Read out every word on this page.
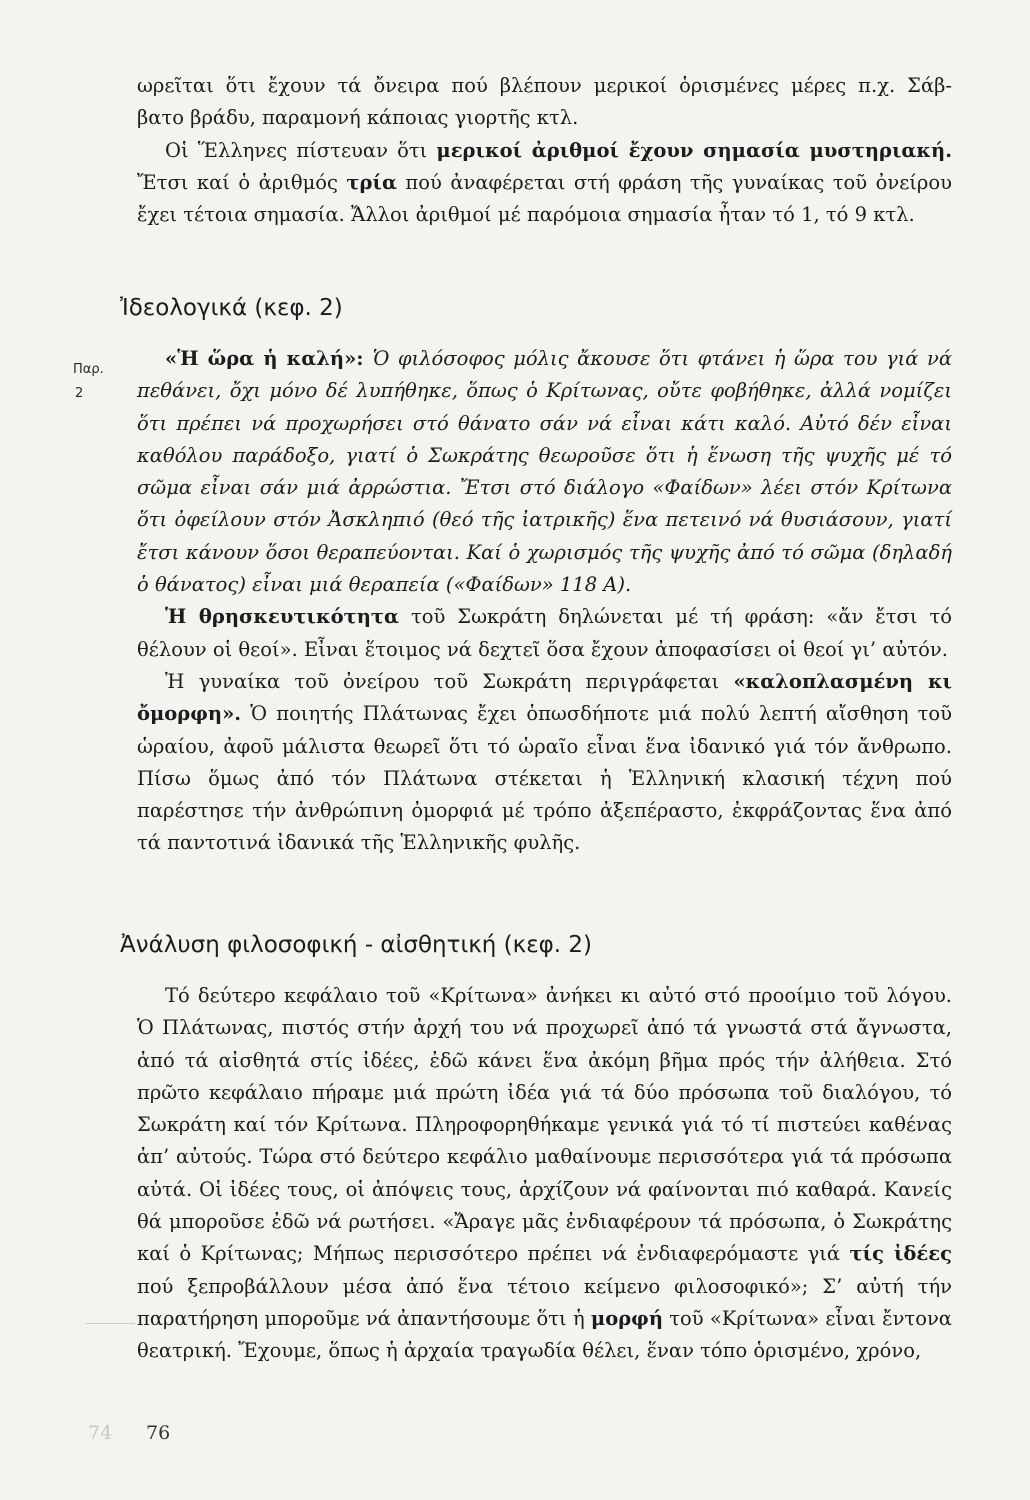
ωρεῖται ὅτι ἔχουν τά ὄνειρα πού βλέπουν μερικοί ὁρισμένες μέρες π.χ. Σάβ-

βατο βράδυ, παραμονή κάποιας γιορτῆς κτλ.

Οἱ Ἕλληνες πίστευαν ὅτι μερικοί ἀριθμοί ἔχουν σημασία μυστηριακή. Ἔτσι καί ὁ ἀριθμός τρία πού ἀναφέρεται στή φράση τῆς γυναίκας τοῦ ὀνείρου ἔχει τέτοια σημασία. Ἄλλοι ἀριθμοί μέ παρόμοια σημασία ἦταν τό 1, τό 9 κτλ.

Ἰδεολογικά (κεφ. 2)
Παρ.
2

«Ἡ ὥρα ἡ καλή»: Ὁ φιλόσοφος μόλις ἄκουσε ὅτι φτάνει ἡ ὥρα του γιά νά πεθάνει, ὄχι μόνο δέ λυπήθηκε, ὅπως ὁ Κρίτωνας, οὔτε φοβήθηκε, ἀλλά νομίζει ὅτι πρέπει νά προχωρήσει στό θάνατο σάν νά εἶναι κάτι καλό. Αὐτό δέν εἶναι καθόλου παράδοξο, γιατί ὁ Σωκράτης θεωροῦσε ὅτι ἡ ἕνωση τῆς ψυχῆς μέ τό σῶμα εἶναι σάν μιά ἀρρώστια. Ἔτσι στό διάλογο «Φαίδων» λέει στόν Κρίτωνα ὅτι ὀφείλουν στόν Ἀσκληπιό (θεό τῆς ἰατρικῆς) ἕνα πετεινό νά θυσιάσουν, γιατί ἔτσι κάνουν ὅσοι θεραπεύονται. Καί ὁ χωρισμός τῆς ψυχῆς ἀπό τό σῶμα (δηλαδή ὁ θάνατος) εἶναι μιά θεραπεία («Φαίδων» 118 Α).

Ἡ θρησκευτικότητα τοῦ Σωκράτη δηλώνεται μέ τή φράση: «ἄν ἔτσι τό θέλουν οἱ θεοί». Εἶναι ἕτοιμος νά δεχτεῖ ὅσα ἔχουν ἀποφασίσει οἱ θεοί γι’ αὐτόν.

Ἡ γυναίκα τοῦ ὀνείρου τοῦ Σωκράτη περιγράφεται «καλοπλασμένη κι ὄμορφη». Ὁ ποιητής Πλάτωνας ἔχει ὁπωσδήποτε μιά πολύ λεπτή αἴσθηση τοῦ ὡραίου, ἀφοῦ μάλιστα θεωρεῖ ὅτι τό ὡραῖο εἶναι ἕνα ἰδανικό γιά τόν ἄνθρωπο. Πίσω ὅμως ἀπό τόν Πλάτωνα στέκεται ἡ Ἑλληνική κλασική τέχνη πού παρέστησε τήν ἀνθρώπινη ὀμορφιά μέ τρόπο ἀξεπέραστο, ἐκφράζοντας ἕνα ἀπό τά παντοτινά ἰδανικά τῆς Ἑλληνικῆς φυλῆς.

Ἀνάλυση φιλοσοφική - αἰσθητική (κεφ. 2)

Τό δεύτερο κεφάλαιο τοῦ «Κρίτωνα» ἀνήκει κι αὐτό στό προοίμιο τοῦ λόγου. Ὁ Πλάτωνας, πιστός στήν ἀρχή του νά προχωρεῖ ἀπό τά γνωστά στά ἄγνωστα, ἀπό τά αἰσθητά στίς ἰδέες, ἐδῶ κάνει ἕνα ἀκόμη βῆμα πρός τήν ἀλήθεια. Στό πρῶτο κεφάλαιο πήραμε μιά πρώτη ἰδέα γιά τά δύο πρόσωπα τοῦ διαλόγου, τό Σωκράτη καί τόν Κρίτωνα. Πληροφορηθήκαμε γενικά γιά τό τί πιστεύει καθένας ἀπ’ αὐτούς. Τώρα στό δεύτερο κεφάλιο μαθαίνουμε περισσότερα γιά τά πρόσωπα αὐτά. Οἱ ἰδέες τους, οἱ ἀπόψεις τους, ἀρχίζουν νά φαίνονται πιό καθαρά. Κανείς θά μποροῦσε ἐδῶ νά ρωτήσει. «Ἄραγε μᾶς ἐνδιαφέρουν τά πρόσωπα, ὁ Σωκράτης καί ὁ Κρίτωνας; Μήπως περισσότερο πρέπει νά ἐνδιαφερόμαστε γιά τίς ἰδέες πού ξεπροβάλλουν μέσα ἀπό ἕνα τέτοιο κείμενο φιλοσοφικό»; Σ’ αὐτή τήν παρατήρηση μποροῦμε νά ἀπαντήσουμε ὅτι ἡ μορφή τοῦ «Κρίτωνα» εἶναι ἔντονα θεατρική. Ἔχουμε, ὅπως ἡ ἀρχαία τραγωδία θέλει, ἕναν τόπο ὁρισμένο, χρόνο,

74 76
